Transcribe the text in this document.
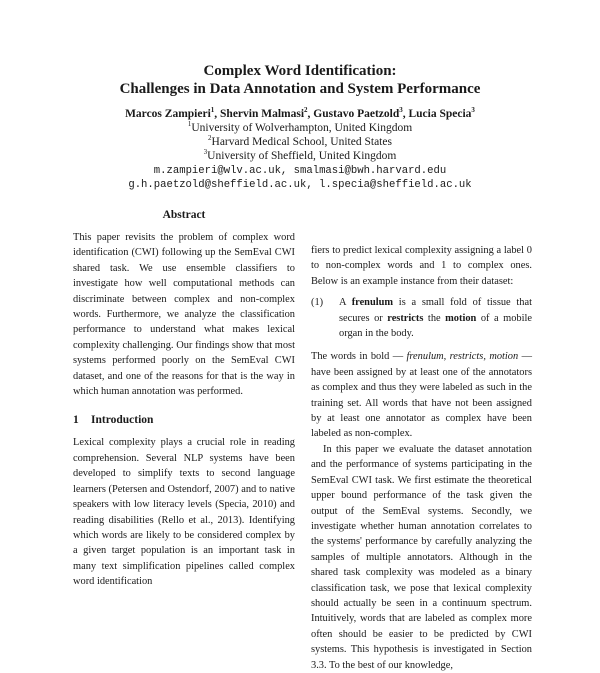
Complex Word Identification:
Challenges in Data Annotation and System Performance
Marcos Zampieri$^1$, Shervin Malmasi$^2$, Gustavo Paetzold$^3$, Lucia Specia$^3$
$^1$University of Wolverhampton, United Kingdom
$^2$Harvard Medical School, United States
$^3$University of Sheffield, United Kingdom
m.zampieri@wlv.ac.uk, smalmasi@bwh.harvard.edu
g.h.paetzold@sheffield.ac.uk, l.specia@sheffield.ac.uk
Abstract

This paper revisits the problem of complex word identification (CWI) following up the SemEval CWI shared task. We use ensemble classifiers to investigate how well computational methods can discriminate between complex and non-complex words. Furthermore, we analyze the classification performance to understand what makes lexical complexity challenging. Our findings show that most systems performed poorly on the SemEval CWI dataset, and one of the reasons for that is the way in which human annotation was performed.

1 Introduction

Lexical complexity plays a crucial role in reading comprehension. Several NLP systems have been developed to simplify texts to second language learners (Petersen and Ostendorf, 2007) and to native speakers with low literacy levels (Specia, 2010) and reading disabilities (Rello et al., 2013). Identifying which words are likely to be considered complex by a given target population is an important task in many text simplification pipelines called complex word identification

fiers to predict lexical complexity assigning a label 0 to non-complex words and 1 to complex ones. Below is an example instance from their dataset:

(1)	A frenulum is a small fold of tissue that secures or restricts the motion of a mobile organ in the body.

The words in bold — frenulum, restricts, motion — have been assigned by at least one of the annotators as complex and thus they were labeled as such in the training set. All words that have not been assigned by at least one annotator as complex have been labeled as non-complex.

In this paper we evaluate the dataset annotation and the performance of systems participating in the SemEval CWI task. We first estimate the theoretical upper bound performance of the task given the output of the SemEval systems. Secondly, we investigate whether human annotation correlates to the systems' performance by carefully analyzing the samples of multiple annotators. Although in the shared task complexity was modeled as a binary classification task, we pose that lexical complexity should actually be seen in a continuum spectrum. Intuitively, words that are labeled as complex more often should be easier to be predicted by CWI systems. This hypothesis is investigated in Section 3.3. To the best of our knowledge,
